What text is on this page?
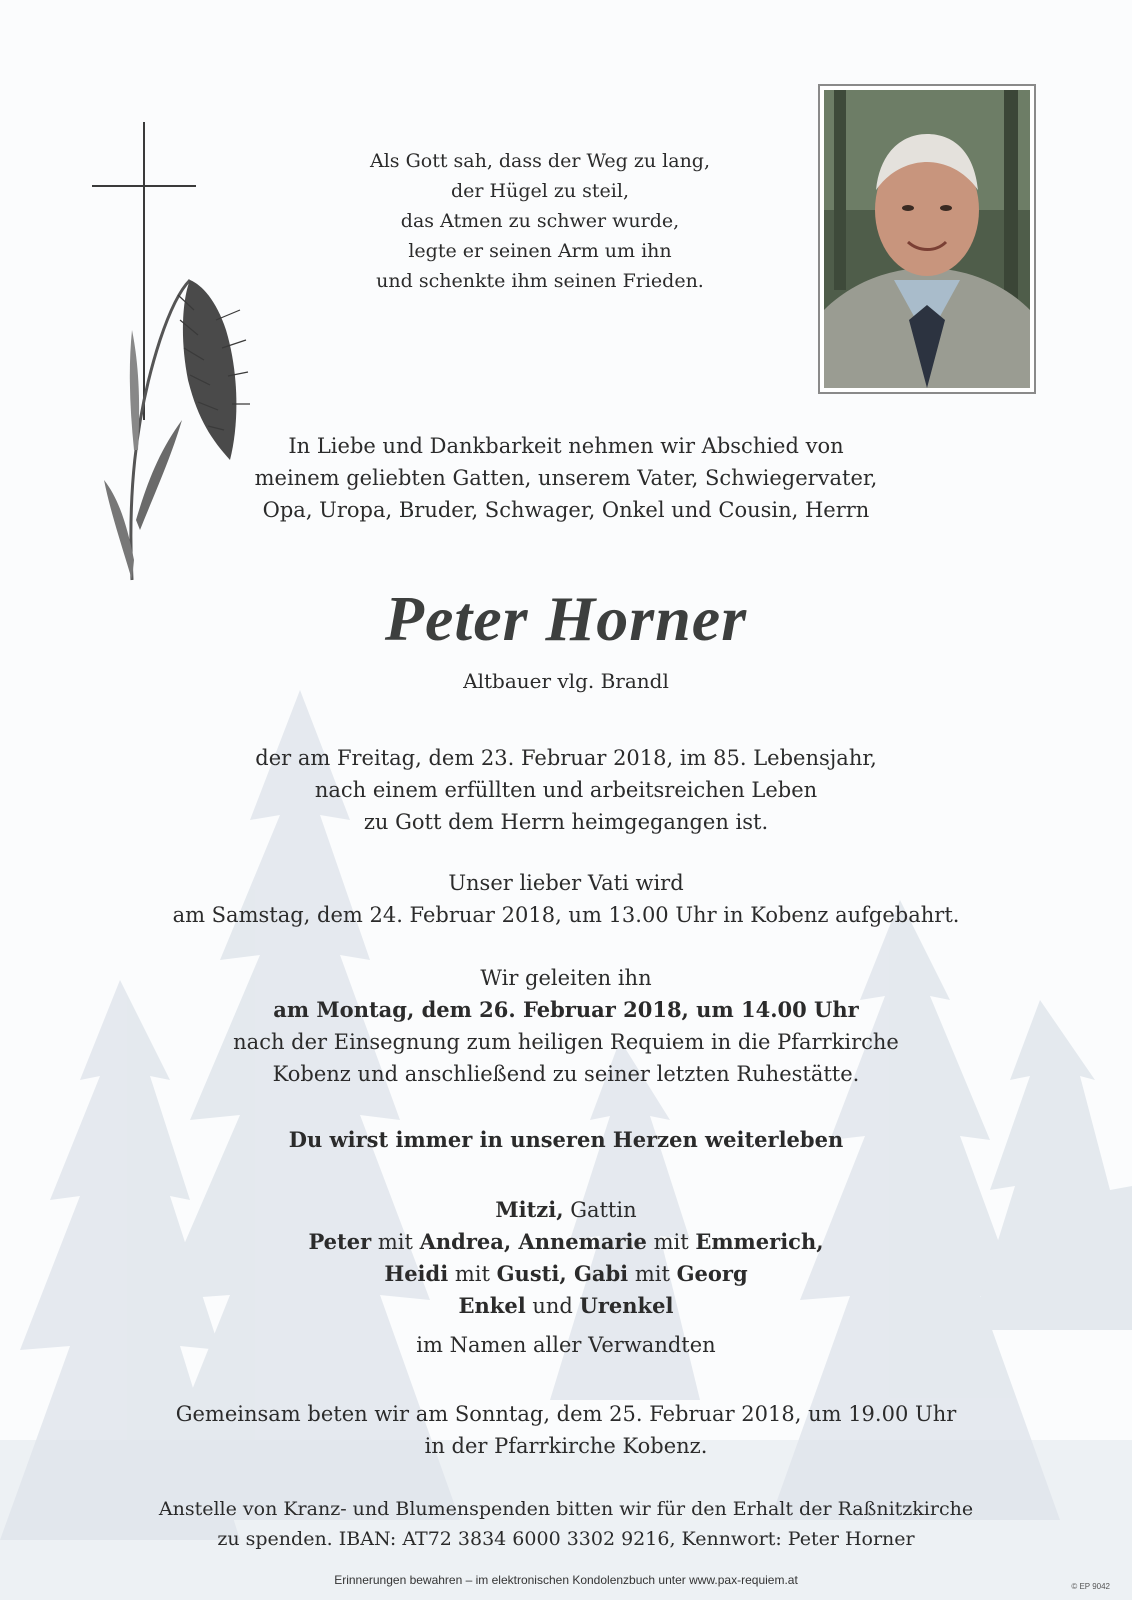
Als Gott sah, dass der Weg zu lang,
der Hügel zu steil,
das Atmen zu schwer wurde,
legte er seinen Arm um ihn
und schenkte ihm seinen Frieden.
In Liebe und Dankbarkeit nehmen wir Abschied von
meinem geliebten Gatten, unserem Vater, Schwiegervater,
Opa, Uropa, Bruder, Schwager, Onkel und Cousin, Herrn
Peter Horner
Altbauer vlg. Brandl
der am Freitag, dem 23. Februar 2018, im 85. Lebensjahr,
nach einem erfüllten und arbeitsreichen Leben
zu Gott dem Herrn heimgegangen ist.
Unser lieber Vati wird
am Samstag, dem 24. Februar 2018, um 13.00 Uhr in Kobenz aufgebahrt.
Wir geleiten ihn
am Montag, dem 26. Februar 2018, um 14.00 Uhr
nach der Einsegnung zum heiligen Requiem in die Pfarrkirche
Kobenz und anschließend zu seiner letzten Ruhestätte.
Du wirst immer in unseren Herzen weiterleben
Mitzi, Gattin
Peter mit Andrea, Annemarie mit Emmerich,
Heidi mit Gusti, Gabi mit Georg
Enkel und Urenkel
im Namen aller Verwandten
Gemeinsam beten wir am Sonntag, dem 25. Februar 2018, um 19.00 Uhr
in der Pfarrkirche Kobenz.
Anstelle von Kranz- und Blumenspenden bitten wir für den Erhalt der Raßnitzkirche
zu spenden. IBAN: AT72 3834 6000 3302 9216, Kennwort: Peter Horner
Erinnerungen bewahren – im elektronischen Kondolenzbuch unter www.pax-requiem.at	© EP 9042
